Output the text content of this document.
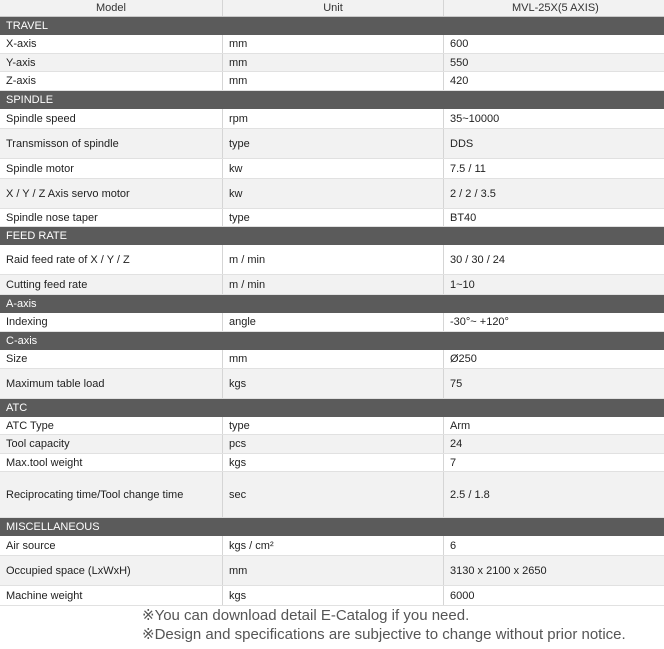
Model	Unit	MVL-25X(5 AXIS)
TRAVEL
X-axis	mm	600
Y-axis	mm	550
Z-axis	mm	420
SPINDLE
Spindle speed	rpm	35~10000
Transmisson of spindle	type	DDS
Spindle motor	kw	7.5 / 11
X / Y / Z Axis servo motor	kw	2 / 2 / 3.5
Spindle nose taper	type	BT40
FEED RATE
Raid feed rate of X / Y / Z	m / min	30 / 30 / 24
Cutting feed rate	m / min	1~10
A-axis
Indexing	angle	-30°~ +120°
C-axis
Size	mm	Ø250
Maximum table load	kgs	75
ATC
ATC Type	type	Arm
Tool capacity	pcs	24
Max.tool weight	kgs	7
Reciprocating time/Tool change time	sec	2.5 / 1.8
MISCELLANEOUS
Air source	kgs / cm²	6
Occupied space (LxWxH)	mm	3130 x 2100 x 2650
Machine weight	kgs	6000
※You can download detail E-Catalog if you need.
※Design and specifications are subjective to change without prior notice.
